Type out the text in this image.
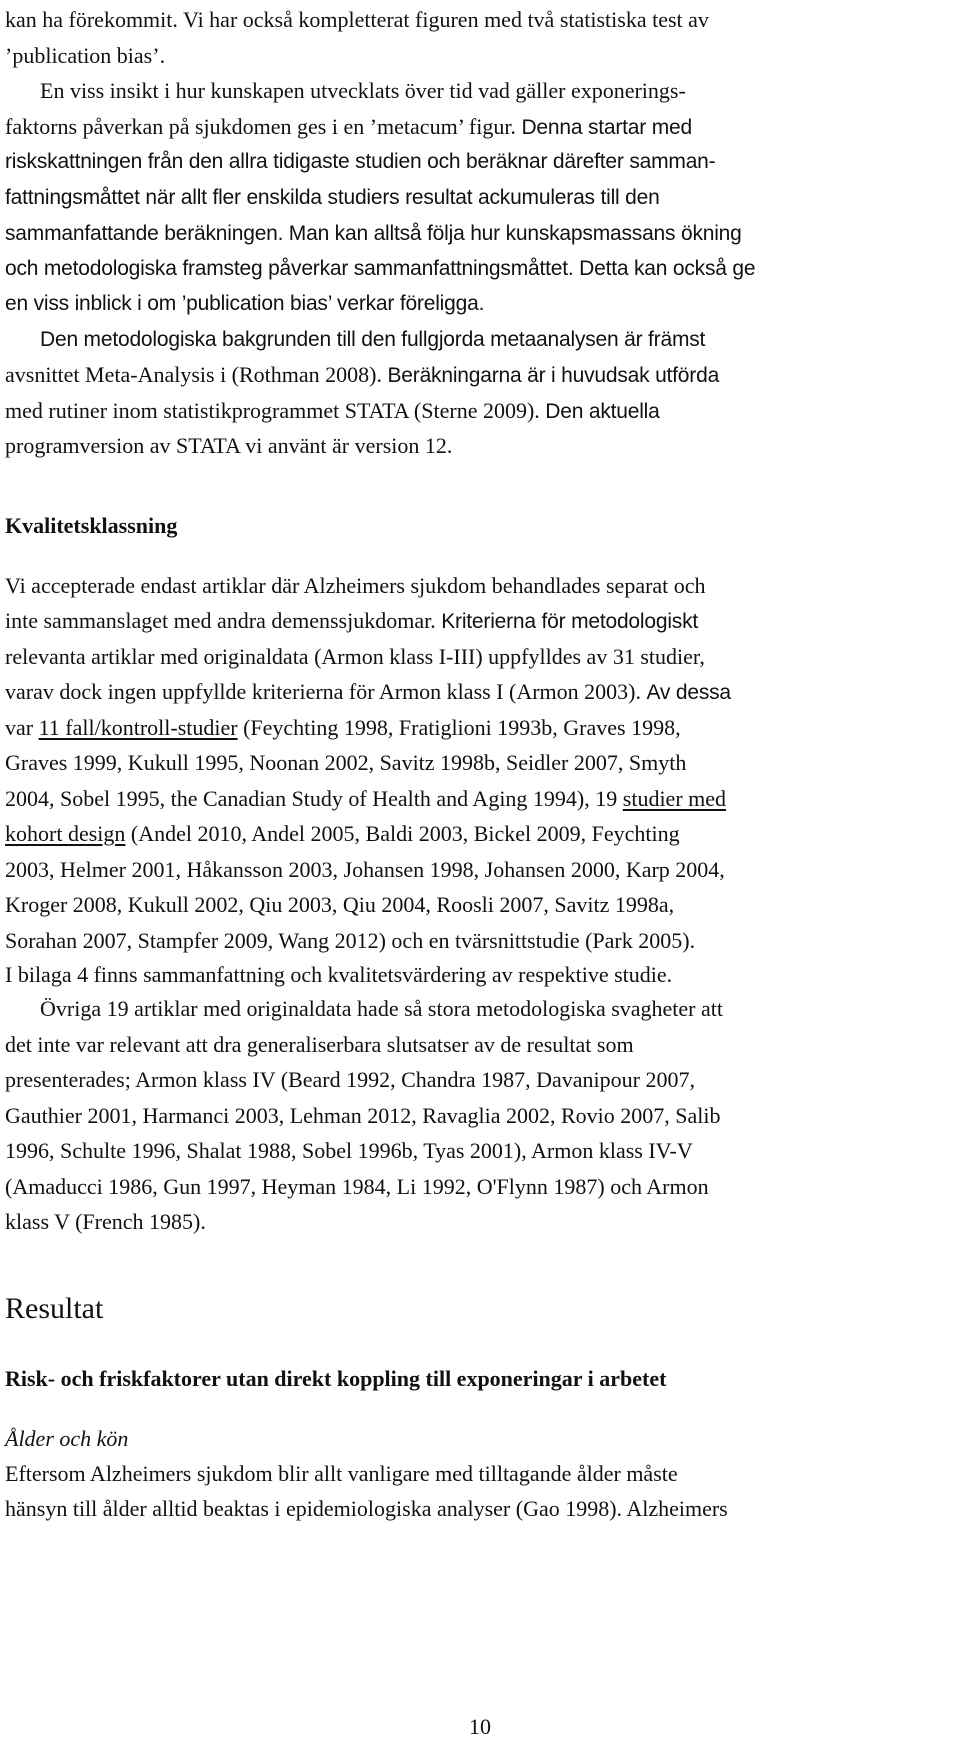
kan ha förekommit. Vi har också kompletterat figuren med två statistiska test av
’publication bias’.
En viss insikt i hur kunskapen utvecklats över tid vad gäller exponerings-
faktorns påverkan på sjukdomen ges i en ’metacum’ figur. Denna startar med
riskskattningen från den allra tidigaste studien och beräknar därefter samman-
fattningsmåttet när allt fler enskilda studiers resultat ackumuleras till den
sammanfattande beräkningen. Man kan alltså följa hur kunskapsmassans ökning
och metodologiska framsteg påverkar sammanfattningsmåttet. Detta kan också ge
en viss inblick i om ’publication bias’ verkar föreligga.
Den metodologiska bakgrunden till den fullgjorda metaanalysen är främst
avsnittet Meta-Analysis i (Rothman 2008). Beräkningarna är i huvudsak utförda
med rutiner inom statistikprogrammet STATA (Sterne 2009). Den aktuella
programversion av STATA vi använt är version 12.
Kvalitetsklassning
Vi accepterade endast artiklar där Alzheimers sjukdom behandlades separat och
inte sammanslaget med andra demenssjukdomar. Kriterierna för metodologiskt
relevanta artiklar med originaldata (Armon klass I-III) uppfylldes av 31 studier,
varav dock ingen uppfyllde kriterierna för Armon klass I (Armon 2003). Av dessa
var 11 fall/kontroll-studier (Feychting 1998, Fratiglioni 1993b, Graves 1998,
Graves 1999, Kukull 1995, Noonan 2002, Savitz 1998b, Seidler 2007, Smyth
2004, Sobel 1995, the Canadian Study of Health and Aging 1994), 19 studier med
kohort design (Andel 2010, Andel 2005, Baldi 2003, Bickel 2009, Feychting
2003, Helmer 2001, Håkansson 2003, Johansen 1998, Johansen 2000, Karp 2004,
Kroger 2008, Kukull 2002, Qiu 2003, Qiu 2004, Roosli 2007, Savitz 1998a,
Sorahan 2007, Stampfer 2009, Wang 2012) och en tvärsnittstudie (Park 2005).
I bilaga 4 finns sammanfattning och kvalitetsvärdering av respektive studie.
Övriga 19 artiklar med originaldata hade så stora metodologiska svagheter att
det inte var relevant att dra generaliserbara slutsatser av de resultat som
presenterades; Armon klass IV (Beard 1992, Chandra 1987, Davanipour 2007,
Gauthier 2001, Harmanci 2003, Lehman 2012, Ravaglia 2002, Rovio 2007, Salib
1996, Schulte 1996, Shalat 1988, Sobel 1996b, Tyas 2001), Armon klass IV-V
(Amaducci 1986, Gun 1997, Heyman 1984, Li 1992, O'Flynn 1987) och Armon
klass V (French 1985).
Resultat
Risk- och friskfaktorer utan direkt koppling till exponeringar i arbetet
Ålder och kön
Eftersom Alzheimers sjukdom blir allt vanligare med tilltagande ålder måste
hänsyn till ålder alltid beaktas i epidemiologiska analyser (Gao 1998). Alzheimers
10
